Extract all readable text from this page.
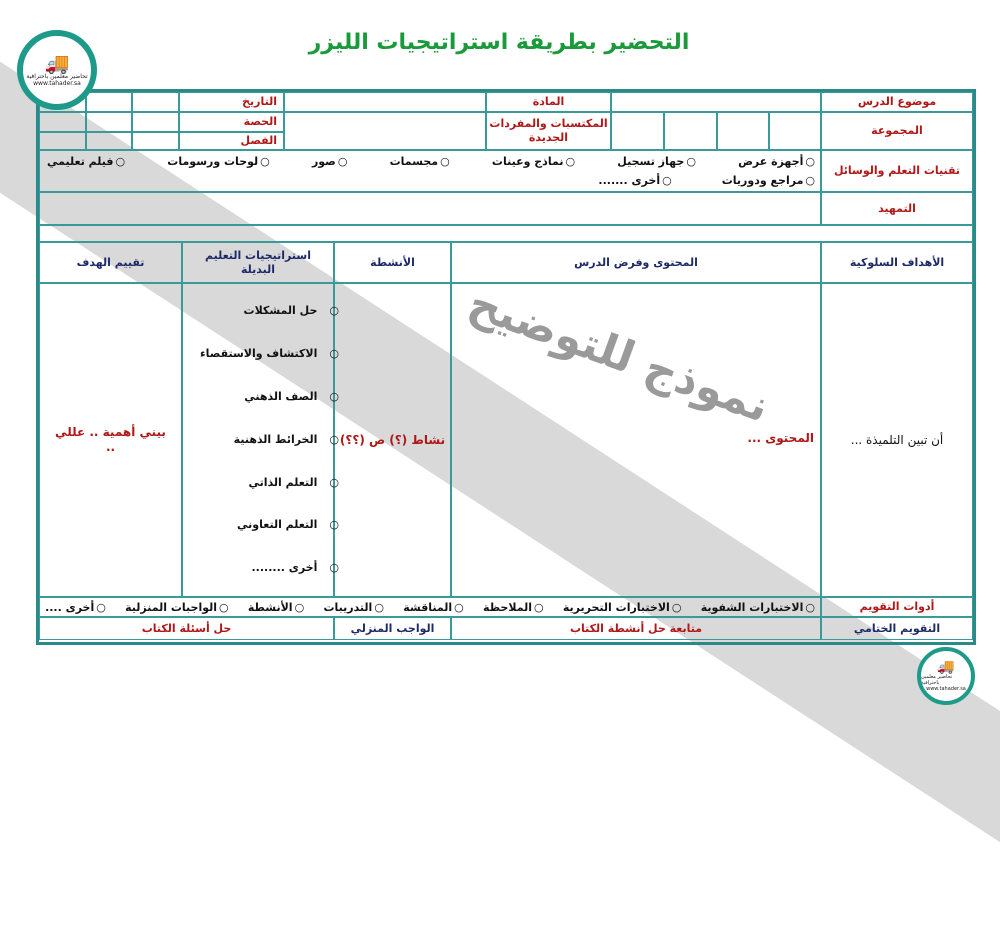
نموذج للتوضيح
التحضير بطريقة استراتيجيات الليزر
موضوع الدرس
المادة
التاريخ
الحصة
الفصل
المكتسبات والمفردات الجديدة
المجموعة
تقنيات التعلم والوسائل
○ أجهزة عرض
○ جهاز تسجيل
○ نماذج وعينات
○ مجسمات
○ صور
○ لوحات ورسومات
○ فيلم تعليمي
○ مراجع ودوريات
○ أخرى .......
التمهيد
الأهداف السلوكية
المحتوى وفرض الدرس
الأنشطة
استراتيجيات التعليم البديلة
تقييم الهدف
أن تبين التلميذة ...
المحتوى ...
نشاط (؟) ص (؟؟)
بيني أهمية .. عللي ..
○ حل المشكلات
○ الاكتشاف والاستقصاء
○ الصف الذهني
○ الخرائط الذهنية
○ التعلم الذاتي
○ التعلم التعاوني
○ أخرى ........
أدوات التقويم
○ الاختبارات الشفوية
○ الاختبارات التحريرية
○ الملاحظة
○ المناقشة
○ التدريبات
○ الأنشطة
○ الواجبات المنزلية
○ أخرى ....
التقويم الختامي
متابعة حل أنشطة الكتاب
الواجب المنزلي
حل أسئلة الكتاب
🚚
تحاضير معلمين باحترافية
www.tahader.sa
🚚
تحاضير معلمين باحترافية
www.tahader.sa
